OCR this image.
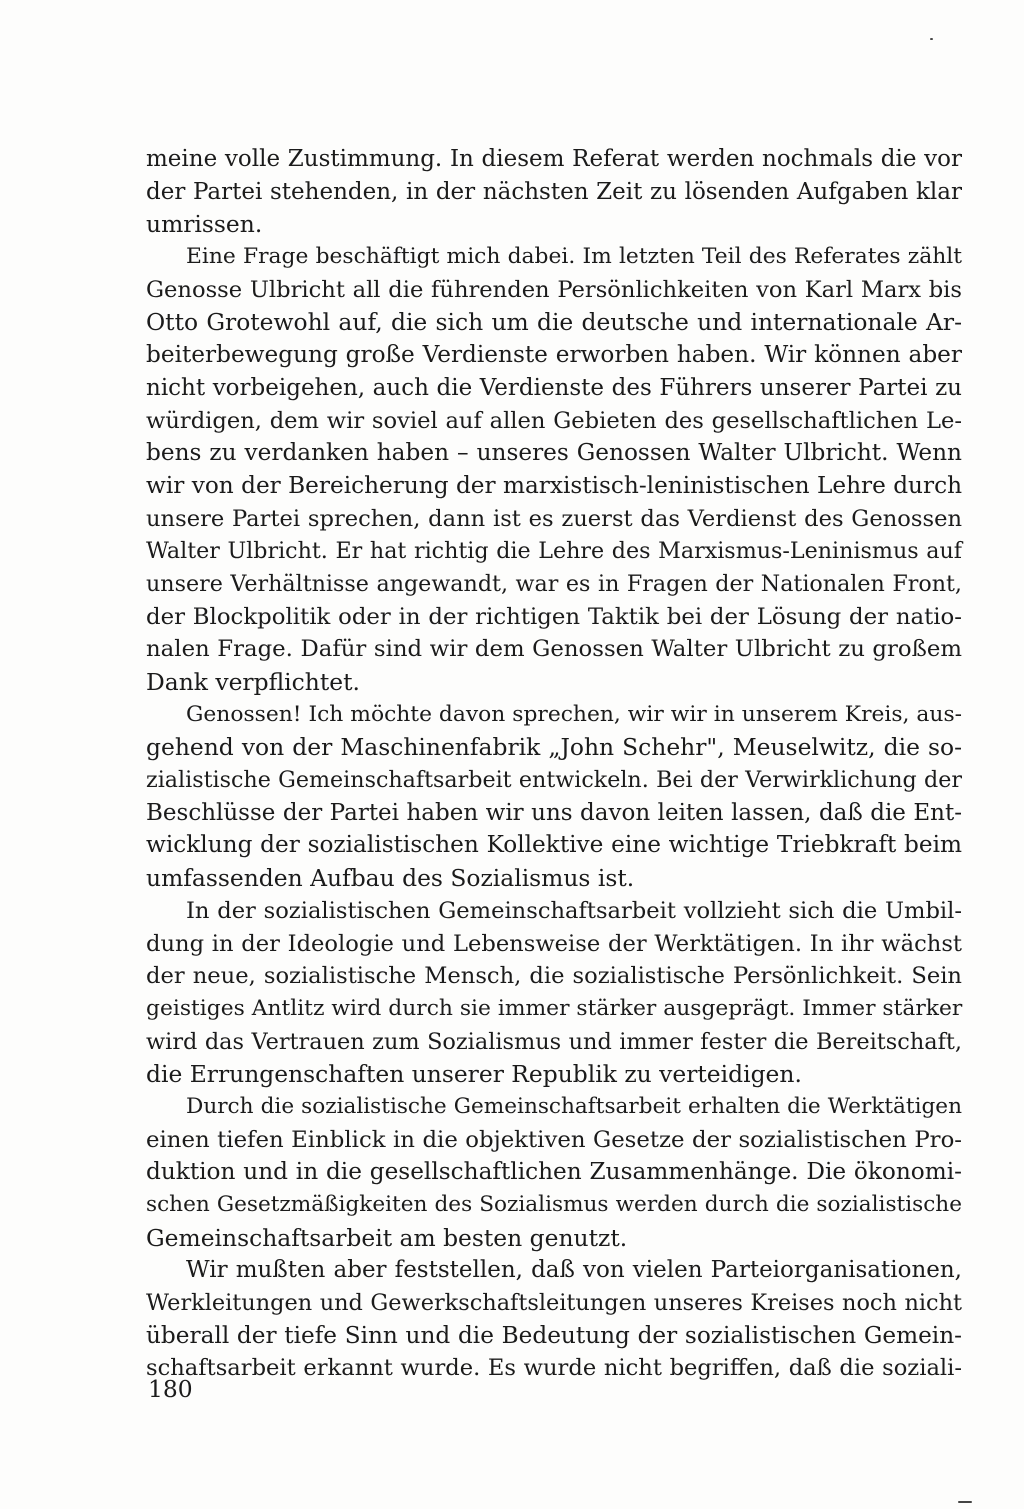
meine volle Zustimmung. In diesem Referat werden nochmals die vor
der Partei stehenden, in der nächsten Zeit zu lösenden Aufgaben klar
umrissen.
Eine Frage beschäftigt mich dabei. Im letzten Teil des Referates zählt
Genosse Ulbricht all die führenden Persönlichkeiten von Karl Marx bis
Otto Grotewohl auf, die sich um die deutsche und internationale Ar-
beiterbewegung große Verdienste erworben haben. Wir können aber
nicht vorbeigehen, auch die Verdienste des Führers unserer Partei zu
würdigen, dem wir soviel auf allen Gebieten des gesellschaftlichen Le-
bens zu verdanken haben – unseres Genossen Walter Ulbricht. Wenn
wir von der Bereicherung der marxistisch-leninistischen Lehre durch
unsere Partei sprechen, dann ist es zuerst das Verdienst des Genossen
Walter Ulbricht. Er hat richtig die Lehre des Marxismus-Leninismus auf
unsere Verhältnisse angewandt, war es in Fragen der Nationalen Front,
der Blockpolitik oder in der richtigen Taktik bei der Lösung der natio-
nalen Frage. Dafür sind wir dem Genossen Walter Ulbricht zu großem
Dank verpflichtet.
Genossen! Ich möchte davon sprechen, wir wir in unserem Kreis, aus-
gehend von der Maschinenfabrik „John Schehr", Meuselwitz, die so-
zialistische Gemeinschaftsarbeit entwickeln. Bei der Verwirklichung der
Beschlüsse der Partei haben wir uns davon leiten lassen, daß die Ent-
wicklung der sozialistischen Kollektive eine wichtige Triebkraft beim
umfassenden Aufbau des Sozialismus ist.
In der sozialistischen Gemeinschaftsarbeit vollzieht sich die Umbil-
dung in der Ideologie und Lebensweise der Werktätigen. In ihr wächst
der neue, sozialistische Mensch, die sozialistische Persönlichkeit. Sein
geistiges Antlitz wird durch sie immer stärker ausgeprägt. Immer stärker
wird das Vertrauen zum Sozialismus und immer fester die Bereitschaft,
die Errungenschaften unserer Republik zu verteidigen.
Durch die sozialistische Gemeinschaftsarbeit erhalten die Werktätigen
einen tiefen Einblick in die objektiven Gesetze der sozialistischen Pro-
duktion und in die gesellschaftlichen Zusammenhänge. Die ökonomi-
schen Gesetzmäßigkeiten des Sozialismus werden durch die sozialistische
Gemeinschaftsarbeit am besten genutzt.
Wir mußten aber feststellen, daß von vielen Parteiorganisationen,
Werkleitungen und Gewerkschaftsleitungen unseres Kreises noch nicht
überall der tiefe Sinn und die Bedeutung der sozialistischen Gemein-
schaftsarbeit erkannt wurde. Es wurde nicht begriffen, daß die soziali-
180
